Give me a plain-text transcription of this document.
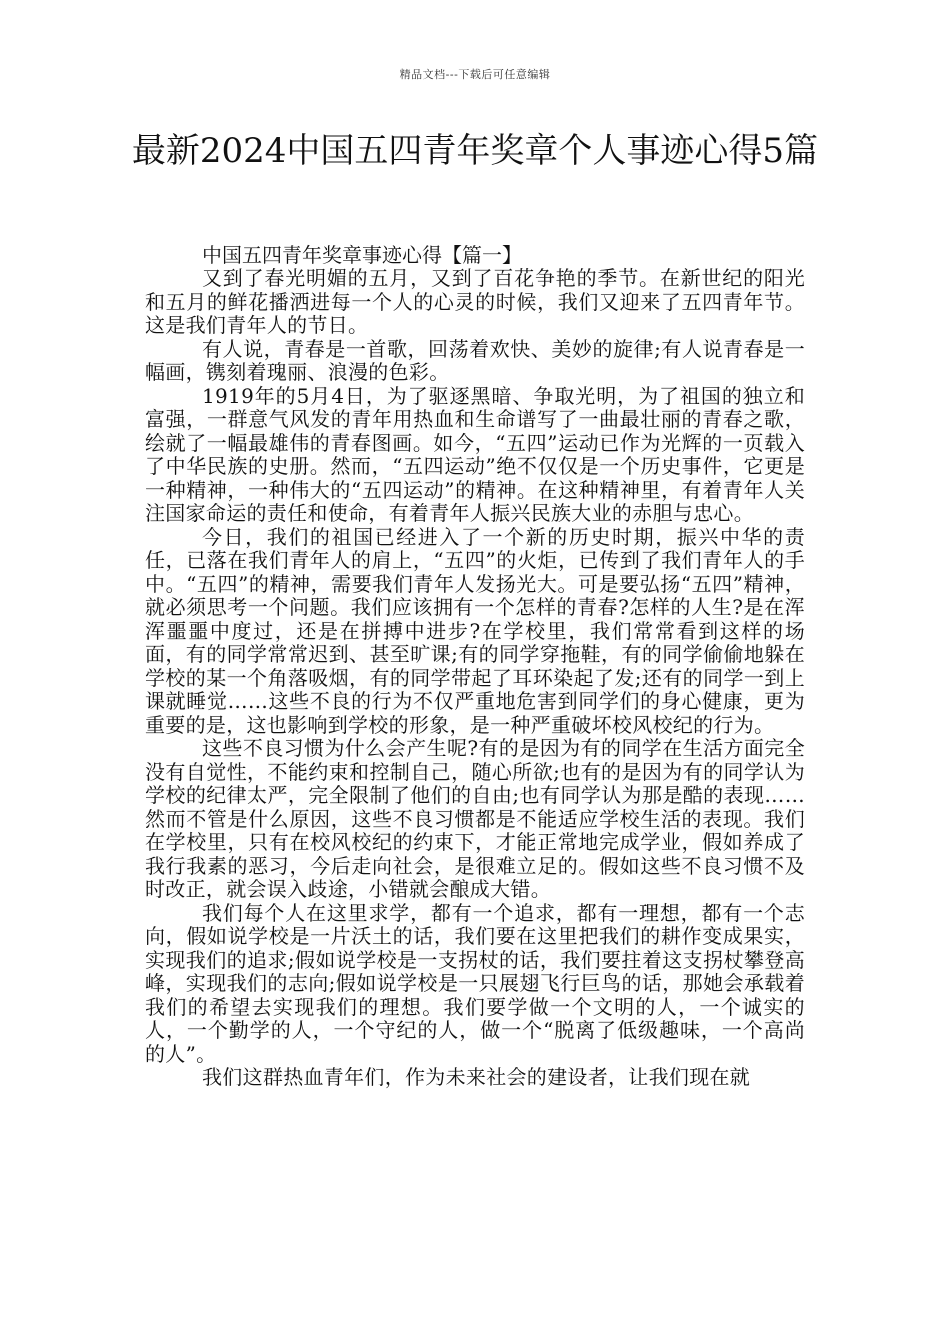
精品文档---下载后可任意编辑
最新2024中国五四青年奖章个人事迹心得5篇

中国五四青年奖章事迹心得【篇一】

又到了春光明媚的五月，又到了百花争艳的季节。在新世纪的阳光和五月的鲜花播洒进每一个人的心灵的时候，我们又迎来了五四青年节。这是我们青年人的节日。

有人说，青春是一首歌，回荡着欢快、美妙的旋律;有人说青春是一幅画，镌刻着瑰丽、浪漫的色彩。

1919年的5月4日，为了驱逐黑暗、争取光明，为了祖国的独立和富强，一群意气风发的青年用热血和生命谱写了一曲最壮丽的青春之歌，绘就了一幅最雄伟的青春图画。如今，“五四”运动已作为光辉的一页载入了中华民族的史册。然而，“五四运动”绝不仅仅是一个历史事件，它更是一种精神，一种伟大的“五四运动”的精神。在这种精神里，有着青年人关注国家命运的责任和使命，有着青年人振兴民族大业的赤胆与忠心。

今日，我们的祖国已经进入了一个新的历史时期，振兴中华的责任，已落在我们青年人的肩上，“五四”的火炬，已传到了我们青年人的手中。“五四”的精神，需要我们青年人发扬光大。可是要弘扬“五四”精神，就必须思考一个问题。我们应该拥有一个怎样的青春?怎样的人生?是在浑浑噩噩中度过，还是在拼搏中进步?在学校里，我们常常看到这样的场面，有的同学常常迟到、甚至旷课;有的同学穿拖鞋，有的同学偷偷地躲在学校的某一个角落吸烟，有的同学带起了耳环染起了发;还有的同学一到上课就睡觉……这些不良的行为不仅严重地危害到同学们的身心健康，更为重要的是，这也影响到学校的形象，是一种严重破坏校风校纪的行为。

这些不良习惯为什么会产生呢?有的是因为有的同学在生活方面完全没有自觉性，不能约束和控制自己，随心所欲;也有的是因为有的同学认为学校的纪律太严，完全限制了他们的自由;也有同学认为那是酷的表现……然而不管是什么原因，这些不良习惯都是不能适应学校生活的表现。我们在学校里，只有在校风校纪的约束下，才能正常地完成学业，假如养成了我行我素的恶习，今后走向社会，是很难立足的。假如这些不良习惯不及时改正，就会误入歧途，小错就会酿成大错。

我们每个人在这里求学，都有一个追求，都有一理想，都有一个志向，假如说学校是一片沃土的话，我们要在这里把我们的耕作变成果实，实现我们的追求;假如说学校是一支拐杖的话，我们要拄着这支拐杖攀登高峰，实现我们的志向;假如说学校是一只展翅飞行巨鸟的话，那她会承载着我们的希望去实现我们的理想。我们要学做一个文明的人，一个诚实的人，一个勤学的人，一个守纪的人，做一个“脱离了低级趣味，一个高尚的人”。

我们这群热血青年们，作为未来社会的建设者，让我们现在就
